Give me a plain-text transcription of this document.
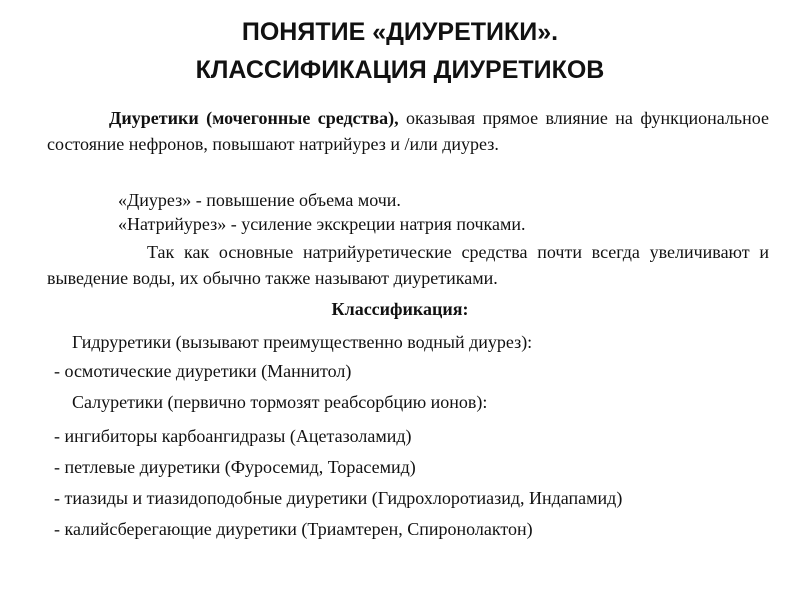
ПОНЯТИЕ «ДИУРЕТИКИ».
КЛАССИФИКАЦИЯ ДИУРЕТИКОВ
Диуретики (мочегонные средства), оказывая прямое влияние на функциональное состояние нефронов, повышают натрийурез и /или диурез.
«Диурез» - повышение объема мочи.
«Натрийурез» - усиление экскреции натрия почками.
Так как основные натрийуретические средства почти всегда увеличивают и выведение воды, их обычно также называют диуретиками.
Классификация:
Гидруретики (вызывают преимущественно водный диурез):
- осмотические диуретики (Маннитол)
Салуретики (первично тормозят реабсорбцию ионов):
- ингибиторы карбоангидразы (Ацетазоламид)
- петлевые диуретики (Фуросемид, Торасемид)
- тиазиды и тиазидоподобные диуретики (Гидрохлоротиазид, Индапамид)
- калийсберегающие диуретики (Триамтерен, Спиронолактон)
